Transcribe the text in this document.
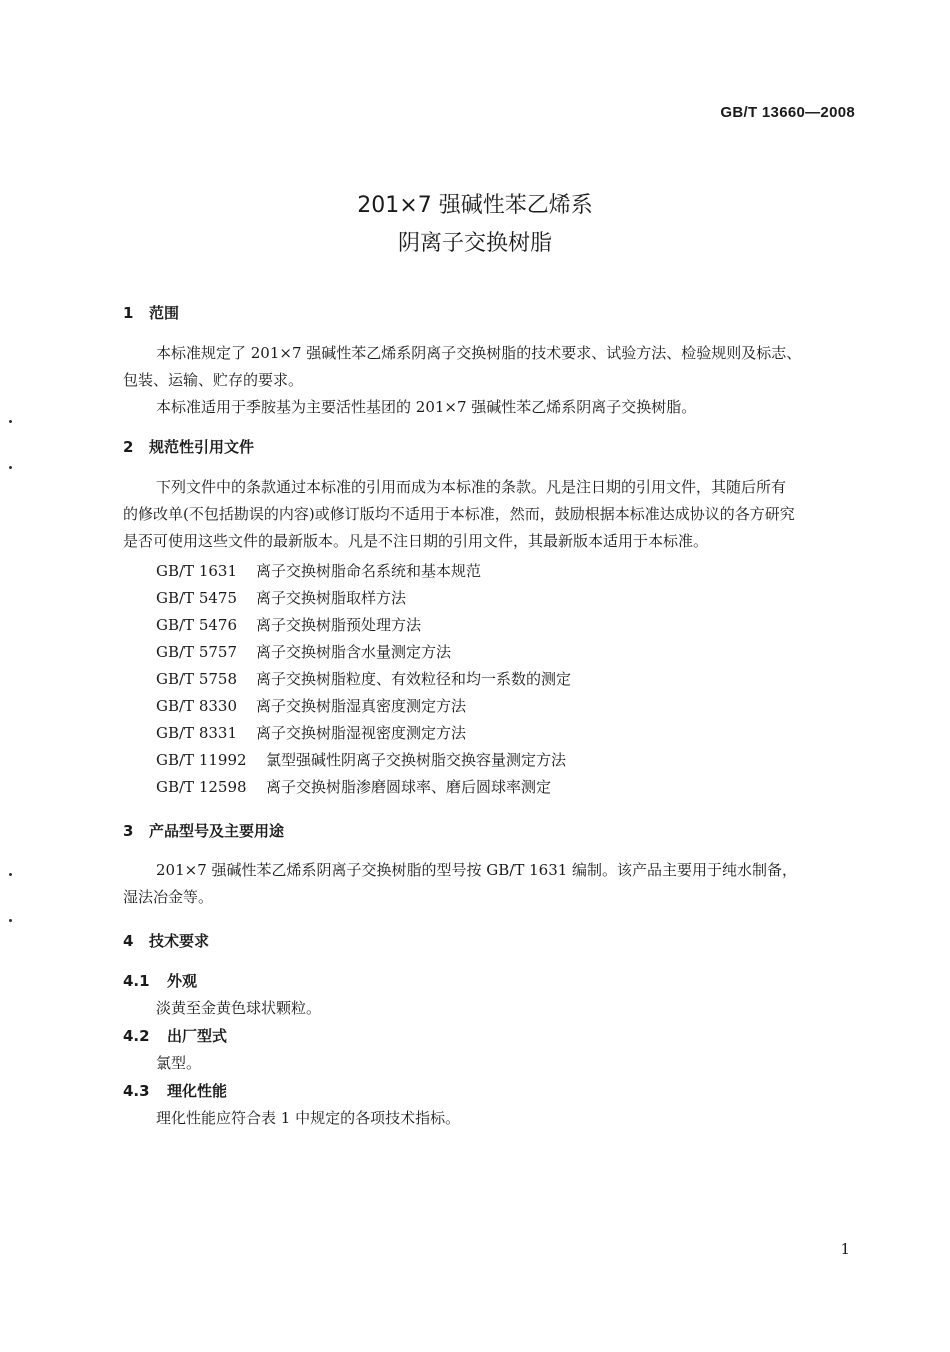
GB/T 13660—2008
201×7 强碱性苯乙烯系
阴离子交换树脂
1 范围
本标准规定了 201×7 强碱性苯乙烯系阴离子交换树脂的技术要求、试验方法、检验规则及标志、
包装、运输、贮存的要求。
本标准适用于季胺基为主要活性基团的 201×7 强碱性苯乙烯系阴离子交换树脂。
2 规范性引用文件
下列文件中的条款通过本标准的引用而成为本标准的条款。凡是注日期的引用文件，其随后所有
的修改单(不包括勘误的内容)或修订版均不适用于本标准，然而，鼓励根据本标准达成协议的各方研究
是否可使用这些文件的最新版本。凡是不注日期的引用文件，其最新版本适用于本标准。
GB/T 1631 离子交换树脂命名系统和基本规范
GB/T 5475 离子交换树脂取样方法
GB/T 5476 离子交换树脂预处理方法
GB/T 5757 离子交换树脂含水量测定方法
GB/T 5758 离子交换树脂粒度、有效粒径和均一系数的测定
GB/T 8330 离子交换树脂湿真密度测定方法
GB/T 8331 离子交换树脂湿视密度测定方法
GB/T 11992 氯型强碱性阴离子交换树脂交换容量测定方法
GB/T 12598 离子交换树脂渗磨圆球率、磨后圆球率测定
3 产品型号及主要用途
201×7 强碱性苯乙烯系阴离子交换树脂的型号按 GB/T 1631 编制。该产品主要用于纯水制备，
湿法冶金等。
4 技术要求
4.1 外观
淡黄至金黄色球状颗粒。
4.2 出厂型式
氯型。
4.3 理化性能
理化性能应符合表 1 中规定的各项技术指标。
1
